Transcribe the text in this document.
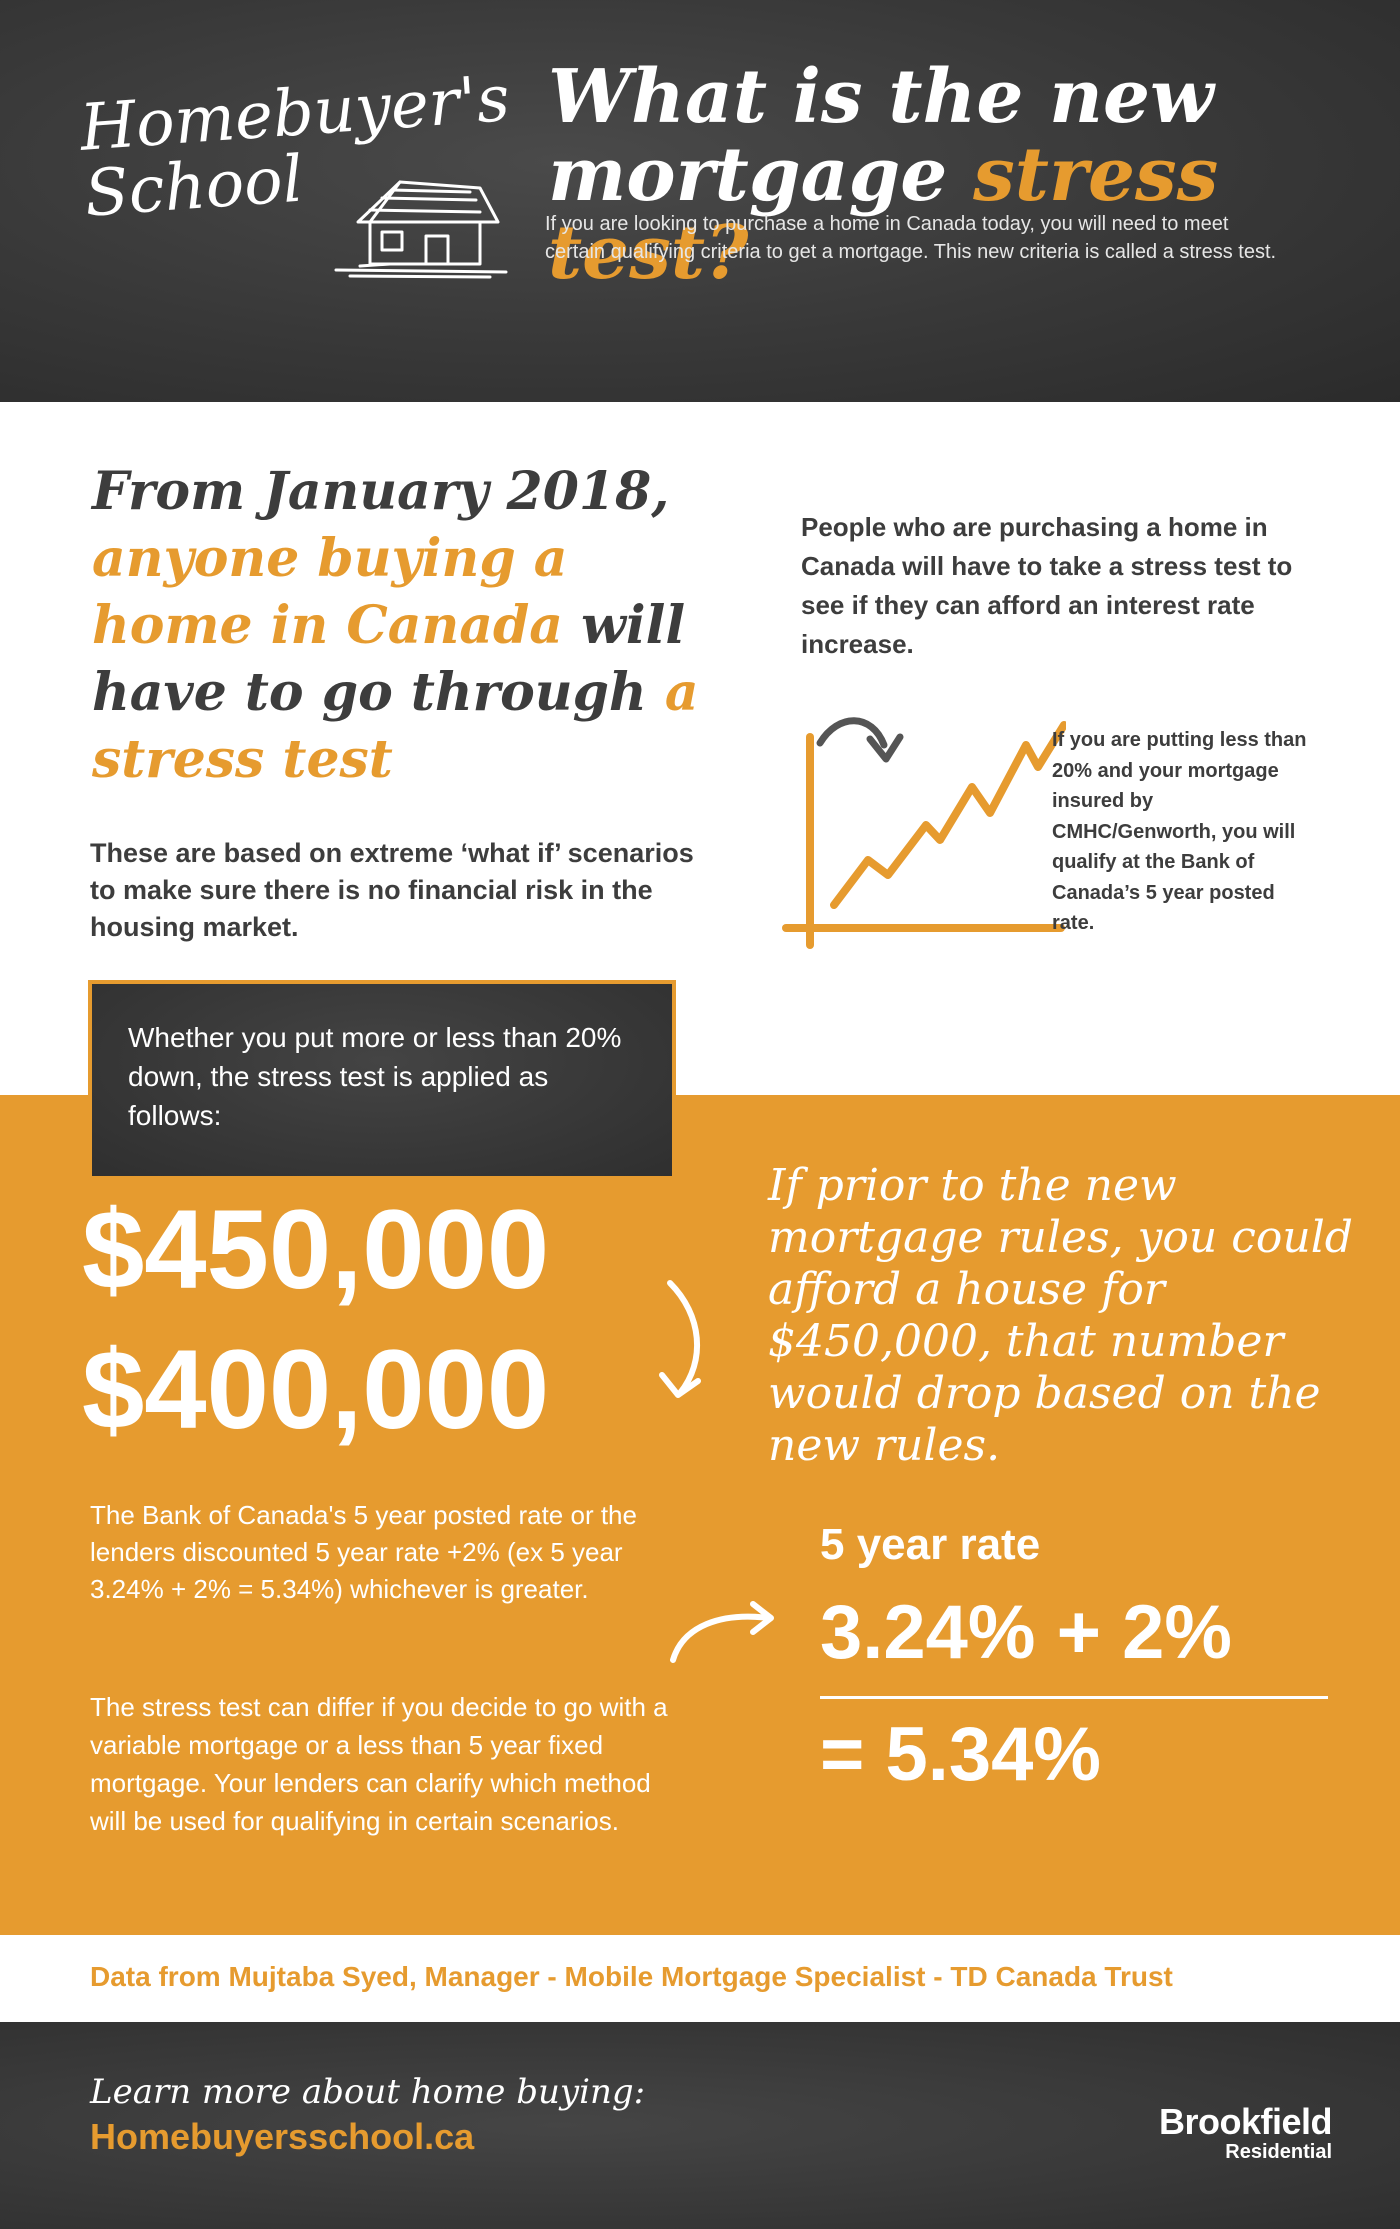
Homebuyer's School
What is the new mortgage stress test?
If you are looking to purchase a home in Canada today, you will need to meet certain qualifying criteria to get a mortgage. This new criteria is called a stress test.
From January 2018, anyone buying a home in Canada will have to go through a stress test
These are based on extreme ‘what if’ scenarios to make sure there is no financial risk in the housing market.
People who are purchasing a home in Canada will have to take a stress test to see if they can afford an interest rate increase.
If you are putting less than 20% and your mortgage insured by CMHC/Genworth, you will qualify at the Bank of Canada’s 5 year posted rate.
Whether you put more or less than 20% down, the stress test is applied as follows:
$450,000
$400,000
If prior to the new mortgage rules, you could afford a house for $450,000, that number would drop based on the new rules.
The Bank of Canada's 5 year posted rate or the lenders discounted 5 year rate +2% (ex 5 year 3.24% + 2% = 5.34%) whichever is greater.
The stress test can differ if you decide to go with a variable mortgage or a less than 5 year fixed mortgage. Your lenders can clarify which method will be used for qualifying in certain scenarios.
5 year rate
3.24% + 2%
= 5.34%
Data from Mujtaba Syed, Manager - Mobile Mortgage Specialist - TD Canada Trust
Learn more about home buying:
Homebuyersschool.ca	Brookfield
Residential
